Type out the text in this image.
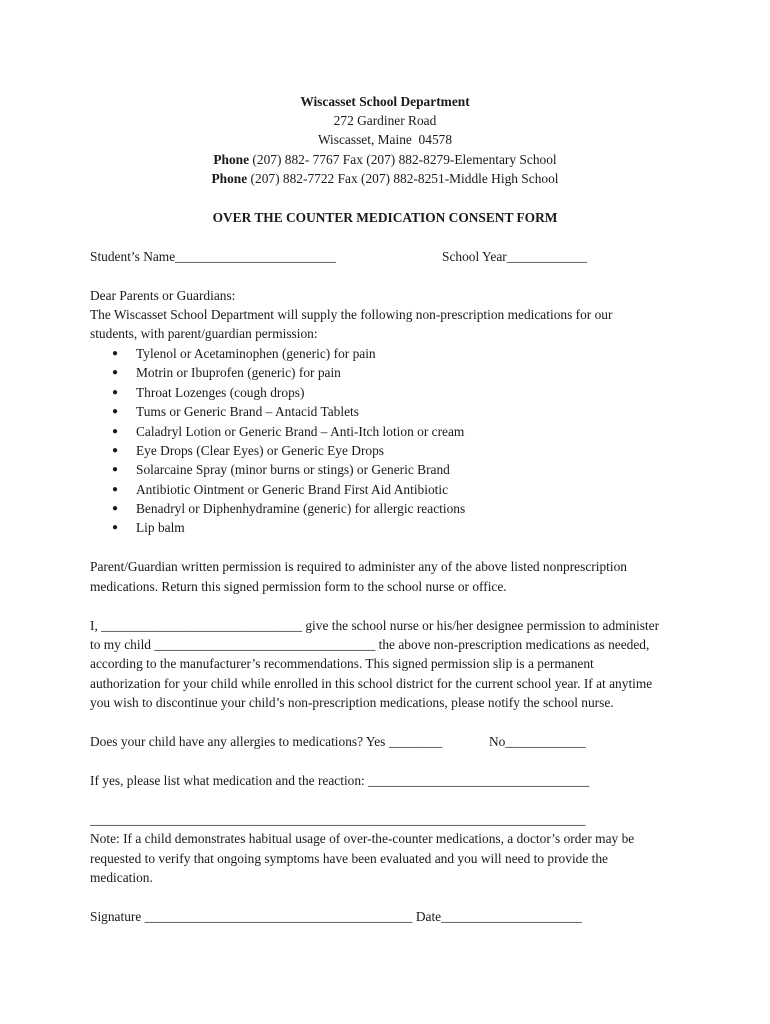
Wiscasset School Department
272 Gardiner Road
Wiscasset, Maine  04578
Phone (207) 882- 7767 Fax (207) 882-8279-Elementary School
Phone (207) 882-7722 Fax (207) 882-8251-Middle High School
OVER THE COUNTER MEDICATION CONSENT FORM
Student’s Name________________________	School Year____________
Dear Parents or Guardians:
The Wiscasset School Department will supply the following non-prescription medications for our
students, with parent/guardian permission:
● Tylenol or Acetaminophen (generic) for pain
● Motrin or Ibuprofen (generic) for pain
● Throat Lozenges (cough drops)
● Tums or Generic Brand – Antacid Tablets
● Caladryl Lotion or Generic Brand – Anti-Itch lotion or cream
● Eye Drops (Clear Eyes) or Generic Eye Drops
● Solarcaine Spray (minor burns or stings) or Generic Brand
● Antibiotic Ointment or Generic Brand First Aid Antibiotic
● Benadryl or Diphenhydramine (generic) for allergic reactions
● Lip balm
Parent/Guardian written permission is required to administer any of the above listed nonprescription
medications. Return this signed permission form to the school nurse or office.
I, ______________________________ give the school nurse or his/her designee permission to administer
to my child _________________________________ the above non-prescription medications as needed,
according to the manufacturer’s recommendations. This signed permission slip is a permanent
authorization for your child while enrolled in this school district for the current school year. If at anytime
you wish to discontinue your child’s non-prescription medications, please notify the school nurse.
Does your child have any allergies to medications? Yes ________	No____________
If yes, please list what medication and the reaction: _________________________________
__________________________________________________________________________
Note: If a child demonstrates habitual usage of over-the-counter medications, a doctor’s order may be
requested to verify that ongoing symptoms have been evaluated and you will need to provide the
medication.
Signature ________________________________________ Date_____________________
